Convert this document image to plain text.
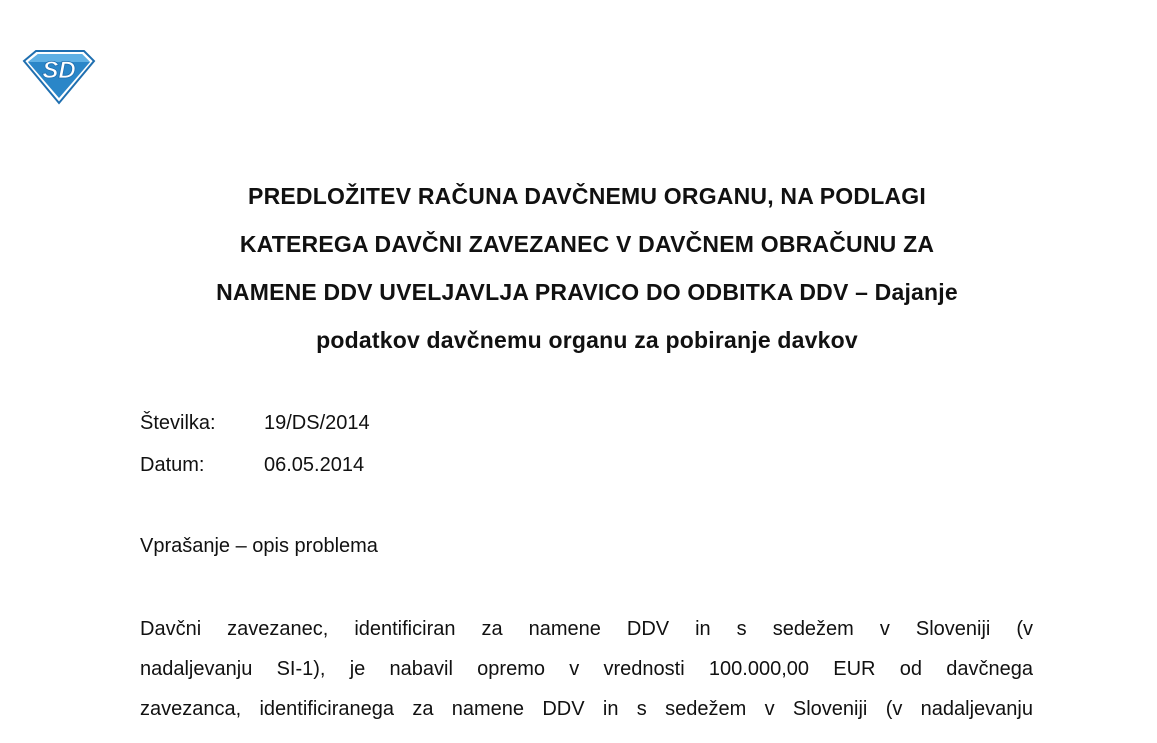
SD
PREDLOŽITEV RAČUNA DAVČNEMU ORGANU, NA PODLAGI
KATEREGA DAVČNI ZAVEZANEC V DAVČNEM OBRAČUNU ZA
NAMENE DDV UVELJAVLJA PRAVICO DO ODBITKA DDV – Dajanje
podatkov davčnemu organu za pobiranje davkov
Številka: 19/DS/2014
Datum:	06.05.2014
Vprašanje – opis problema
Davčni zavezanec, identificiran za namene DDV in s sedežem v Sloveniji (v
nadaljevanju SI-1), je nabavil opremo v vrednosti 100.000,00 EUR od davčnega
zavezanca, identificiranega za namene DDV in s sedežem v Sloveniji (v nadaljevanju
